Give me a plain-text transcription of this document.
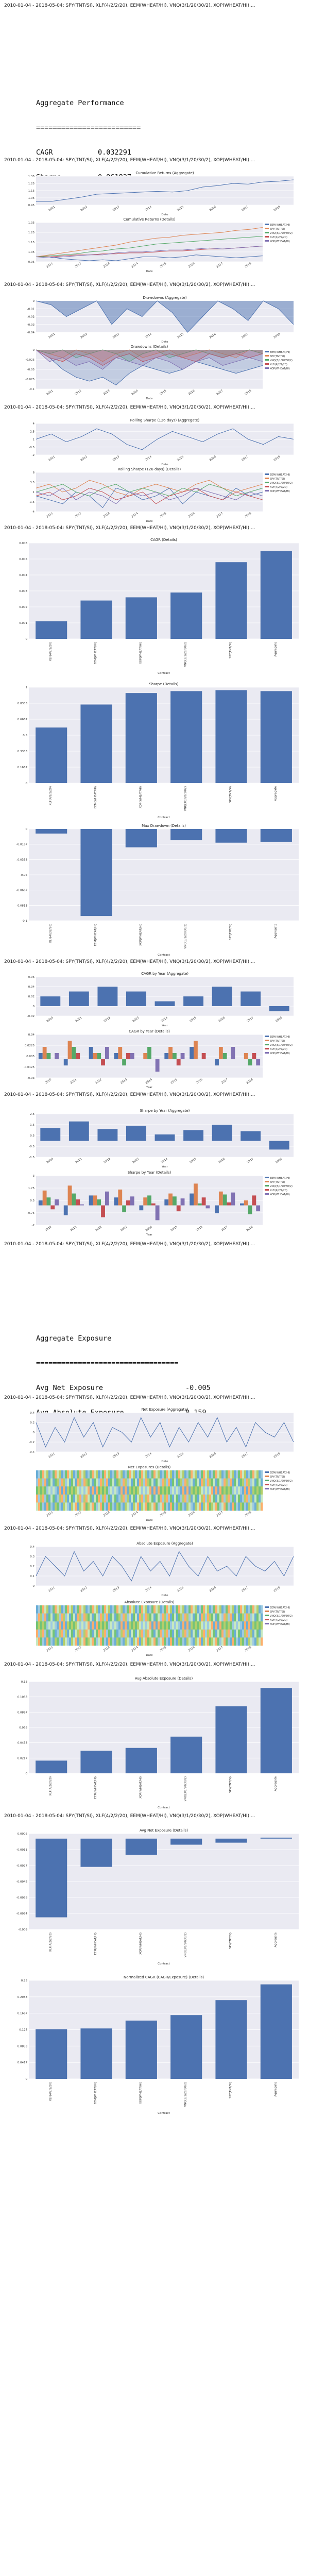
2010-01-04 - 2018-05-04: SPY(TNT/SI), XLF(4/2/2/20), EEM(WHEAT/HI), VNQ(3/1/20/30/2), XOP(WHEAT/HI)....

Aggregate Performance

=========================

CAGR	0.032291

2010-01-04 - 2018-05-04: SPY(TNT/SI), XLF(4/2/2/20), EEM(WHEAT/HI), VNQ(3/1/20/30/2), XOP(WHEAT/HI)....
2010-01-04 - 2018-05-04: SPY(TNT/SI), XLF(4/2/2/20), EEM(WHEAT/HI), VNQ(3/1/20/30/2), XOP(WHEAT/HI)....
2010-01-04 - 2018-05-04: SPY(TNT/SI), XLF(4/2/2/20), EEM(WHEAT/HI), VNQ(3/1/20/30/2), XOP(WHEAT/HI)....
2010-01-04 - 2018-05-04: SPY(TNT/SI), XLF(4/2/2/20), EEM(WHEAT/HI), VNQ(3/1/20/30/2), XOP(WHEAT/HI)....
2010-01-04 - 2018-05-04: SPY(TNT/SI), XLF(4/2/2/20), EEM(WHEAT/HI), VNQ(3/1/20/30/2), XOP(WHEAT/HI)....
2010-01-04 - 2018-05-04: SPY(TNT/SI), XLF(4/2/2/20), EEM(WHEAT/HI), VNQ(3/1/20/30/2), XOP(WHEAT/HI)....
2010-01-04 - 2018-05-04: SPY(TNT/SI), XLF(4/2/2/20), EEM(WHEAT/HI), VNQ(3/1/20/30/2), XOP(WHEAT/HI)....

Aggregate Exposure

==================================

Avg Net Exposure	-0.005

2010-01-04 - 2018-05-04: SPY(TNT/SI), XLF(4/2/2/20), EEM(WHEAT/HI), VNQ(3/1/20/30/2), XOP(WHEAT/HI)....
2010-01-04 - 2018-05-04: SPY(TNT/SI), XLF(4/2/2/20), EEM(WHEAT/HI), VNQ(3/1/20/30/2), XOP(WHEAT/HI)....
2010-01-04 - 2018-05-04: SPY(TNT/SI), XLF(4/2/2/20), EEM(WHEAT/HI), VNQ(3/1/20/30/2), XOP(WHEAT/HI)....
2010-01-04 - 2018-05-04: SPY(TNT/SI), XLF(4/2/2/20), EEM(WHEAT/HI), VNQ(3/1/20/30/2), XOP(WHEAT/HI)....
Cumulative Returns (Aggregate)
Date
0.95
1.05
1.15
1.25
1.35
2011	2012	2013	2014	2015	2016	2017	2018
Cumulative Returns (Details)
Date
0.95
1.05
1.15
1.25
1.35
2011	2012	2013	2014	2015	2016	2017	2018
EEM(WHEAT/HI)
SPY(TNT/SI)
VNQ(3/1/20/30/2)
XLF(4/2/2/20)
XOP(WHEAT/HI)
Drawdowns (Aggregate)
Date
-0.04
-0.03
-0.02
-0.01
0
2011	2012	2013	2014	2015	2016	2017	2018
Drawdowns (Details)
Date
-0.1
-0.075
-0.05
-0.025
0
2011	2012	2013	2014	2015	2016	2017	2018
EEM(WHEAT/HI)
SPY(TNT/SI)
VNQ(3/1/20/30/2)
XLF(4/2/2/20)
XOP(WHEAT/HI)
Rolling Sharpe (126 days) (Aggregate)
Date
-2
-0.5
1
2.5
4
2011	2012	2013	2014	2015	2016	2017	2018
Rolling Sharpe (126 days) (Details)
Date
-4
-1.5
1
3.5
6
2011	2012	2013	2014	2015	2016	2017	2018
EEM(WHEAT/HI)
SPY(TNT/SI)
VNQ(3/1/20/30/2)
XLF(4/2/2/20)
XOP(WHEAT/HI)
CAGR (Details)
Contract
0
0.001
0.002
0.003
0.004
0.005
0.006
XLF(4/2/2/20)	EEM(WHEAT/HI)	XOP(WHEAT/HI)	VNQ(3/1/20/30/2)	SPY(TNT/SI)	Aggregate
Sharpe (Details)
Contract
0
0.1667
0.3333
0.5
0.6667
0.8333
1
XLF(4/2/2/20)	EEM(WHEAT/HI)	XOP(WHEAT/HI)	VNQ(3/1/20/30/2)	SPY(TNT/SI)	Aggregate
Max Drawdown (Details)
Contract
-0.1
-0.0833
-0.0667
-0.05
-0.0333
-0.0167
0
XLF(4/2/2/20)	EEM(WHEAT/HI)	XOP(WHEAT/HI)	VNQ(3/1/20/30/2)	SPY(TNT/SI)	Aggregate
CAGR by Year (Aggregate)
Year
-0.02
0
0.02
0.04
0.06
2010	2011	2012	2013	2014	2015	2016	2017	2018
CAGR by Year (Details)
Year
-0.03
-0.0125
0.005
0.0225
0.04
2010	2011	2012	2013	2014	2015	2016	2017	2018
EEM(WHEAT/HI)
SPY(TNT/SI)
VNQ(3/1/20/30/2)
XLF(4/2/2/20)
XOP(WHEAT/HI)
Sharpe by Year (Aggregate)
Year
-1.5
-0.5
0.5
1.5
2.5
2010	2011	2012	2013	2014	2015	2016	2017	2018
Sharpe by Year (Details)
Year
-2
-0.75
0.5
1.75
3
2010	2011	2012	2013	2014	2015	2016	2017	2018
EEM(WHEAT/HI)
SPY(TNT/SI)
VNQ(3/1/20/30/2)
XLF(4/2/2/20)
XOP(WHEAT/HI)
Net Exposure (Aggregate)
Date
-0.4
-0.2
0
0.2
0.4
2011	2012	2013	2014	2015	2016	2017	2018
Net Exposures (Details)
Date
2011	2012	2013	2014	2015	2016	2017	2018
EEM(WHEAT/HI)
SPY(TNT/SI)
VNQ(3/1/20/30/2)
XLF(4/2/2/20)
XOP(WHEAT/HI)
Absolute Exposure (Aggregate)
Date
0
0.1
0.2
0.3
0.4
2011	2012	2013	2014	2015	2016	2017	2018
Absolute Exposure (Details)
Date
2011	2012	2013	2014	2015	2016	2017	2018
EEM(WHEAT/HI)
SPY(TNT/SI)
VNQ(3/1/20/30/2)
XLF(4/2/2/20)
XOP(WHEAT/HI)
Avg Absolute Exposure (Details)
Contract
0
0.0217
0.0433
0.065
0.0867
0.1083
0.13
XLF(4/2/2/20)	EEM(WHEAT/HI)	XOP(WHEAT/HI)	VNQ(3/1/20/30/2)	SPY(TNT/SI)	Aggregate
Avg Net Exposure (Details)
Contract
-0.009
-0.0074
-0.0058
-0.0042
-0.0027
-0.0011
0.0005
XLF(4/2/2/20)	EEM(WHEAT/HI)	XOP(WHEAT/HI)	VNQ(3/1/20/30/2)	SPY(TNT/SI)	Aggregate
Normalized CAGR (CAGR/Exposure) (Details)
Contract
0
0.0417
0.0833
0.125
0.1667
0.2083
0.25
XLF(4/2/2/20)	EEM(WHEAT/HI)	XOP(WHEAT/HI)	VNQ(3/1/20/30/2)	SPY(TNT/SI)	Aggregate
